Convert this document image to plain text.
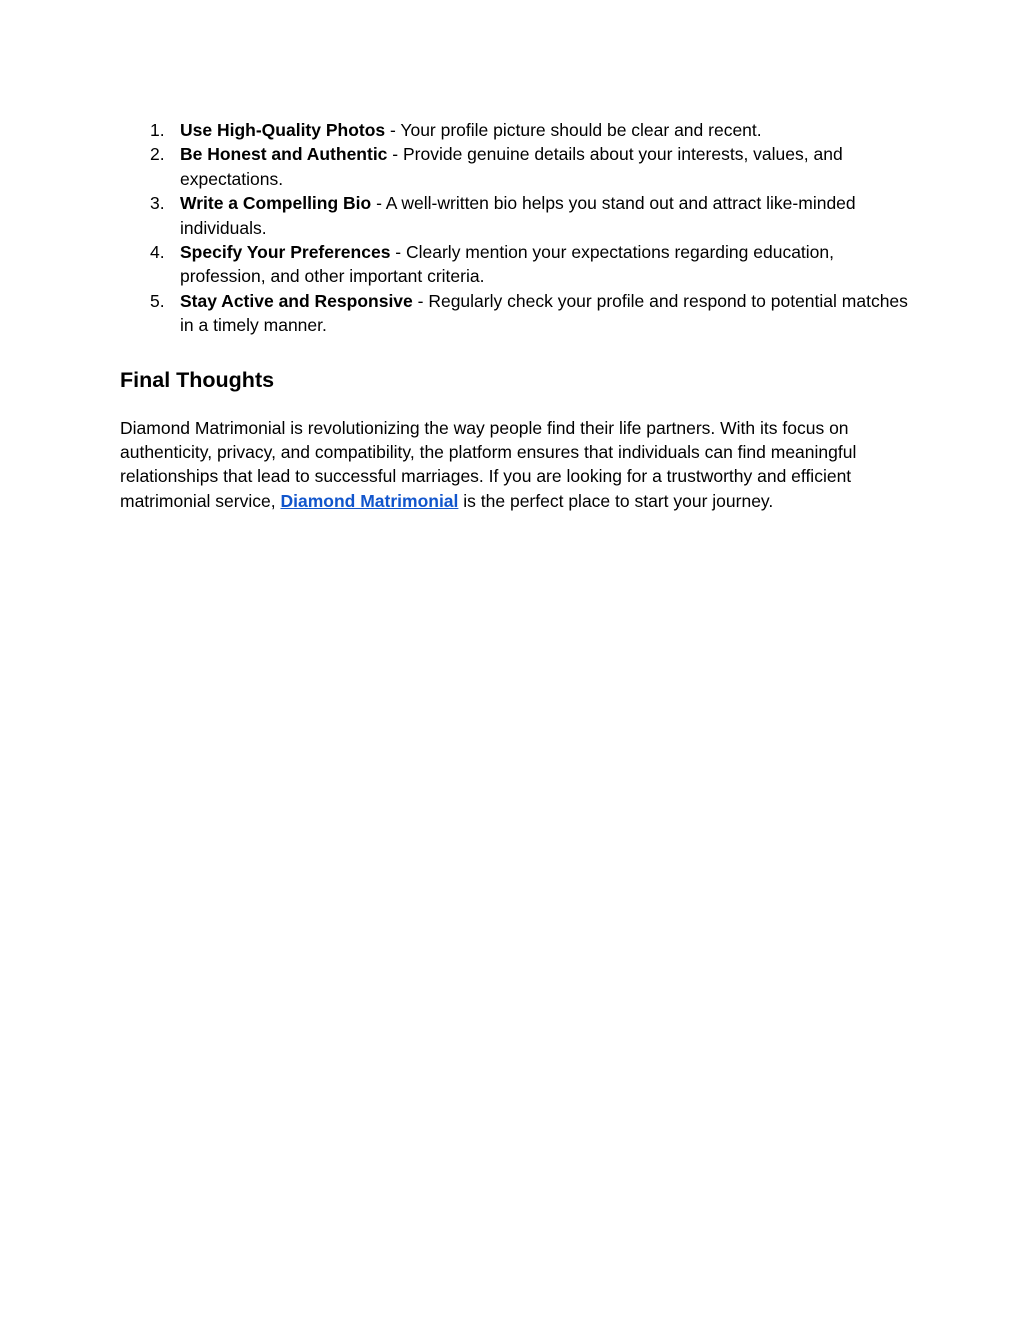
1. Use High-Quality Photos - Your profile picture should be clear and recent.
2. Be Honest and Authentic - Provide genuine details about your interests, values, and expectations.
3. Write a Compelling Bio - A well-written bio helps you stand out and attract like-minded individuals.
4. Specify Your Preferences - Clearly mention your expectations regarding education, profession, and other important criteria.
5. Stay Active and Responsive - Regularly check your profile and respond to potential matches in a timely manner.
Final Thoughts

Diamond Matrimonial is revolutionizing the way people find their life partners. With its focus on authenticity, privacy, and compatibility, the platform ensures that individuals can find meaningful relationships that lead to successful marriages. If you are looking for a trustworthy and efficient matrimonial service, Diamond Matrimonial is the perfect place to start your journey.
